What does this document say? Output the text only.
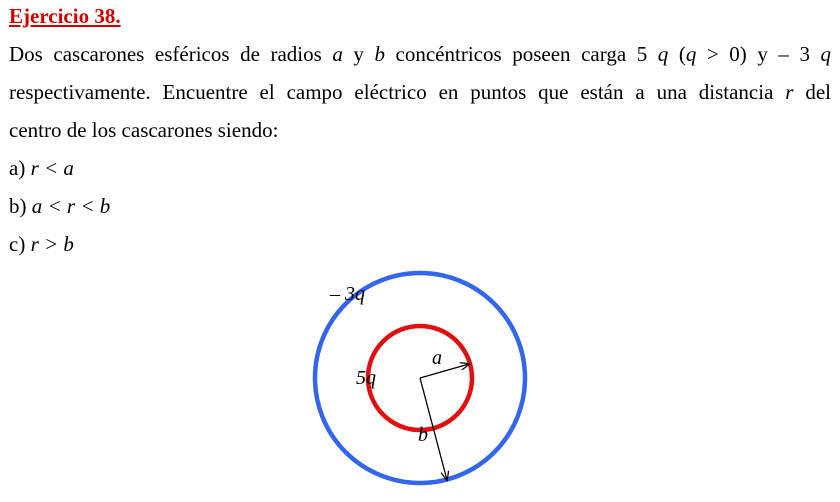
Ejercicio 38.
Dos cascarones esféricos de radios a y b concéntricos poseen carga 5 q (q > 0) y – 3 q
respectivamente. Encuentre el campo eléctrico en puntos que están a una distancia r del
centro de los cascarones siendo:
a) r < a
b) a < r < b
c) r > b
– 3q
5q
a
b
